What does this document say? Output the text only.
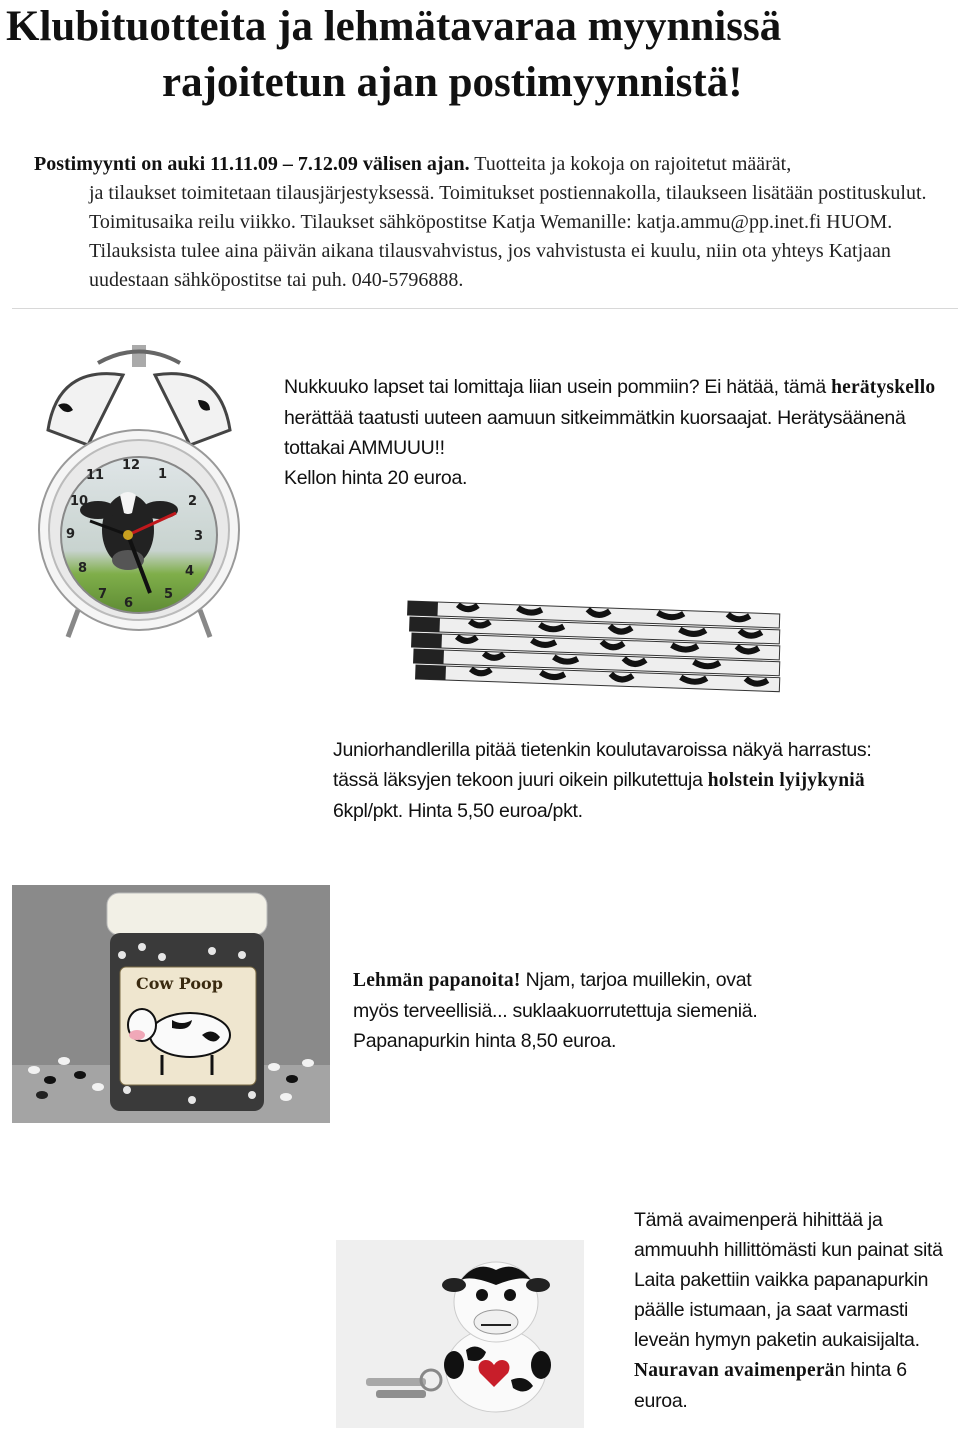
Klubituotteita ja lehmätavaraa myynnissä
rajoitetun ajan postimyynnistä!
Postimyynti on auki 11.11.09 – 7.12.09 välisen ajan. Tuotteita ja kokoja on rajoitetut määrät,
ja tilaukset toimitetaan tilausjärjestyksessä. Toimitukset postiennakolla, tilaukseen lisätään postituskulut. Toimitusaika reilu viikko. Tilaukset sähköpostitse Katja Wemanille: katja.ammu@pp.inet.fi HUOM. Tilauksista tulee aina päivän aikana tilausvahvistus, jos vahvistusta ei kuulu, niin ota yhteys Katjaan uudestaan sähköpostitse tai puh. 040-5796888.
12
1
2
3
4
5
6
7
8
9
10
11
Nukkuuko lapset tai lomittaja liian usein pommiin? Ei hätää, tämä herätyskello herättää taatusti uuteen aamuun sitkeimmätkin kuorsaajat. Herätysäänenä tottakai AMMUUU!!
Kellon hinta 20 euroa.
Juniorhandlerilla pitää tietenkin koulutavaroissa näkyä harrastus: tässä läksyjen tekoon juuri oikein pilkutettuja holstein lyijykyniä 6kpl/pkt. Hinta 5,50 euroa/pkt.
Cow Poop	Lehmän papanoita! Njam, tarjoa muillekin, ovat myös terveellisiä... suklaakuorrutettuja siemeniä. Papanapurkin hinta 8,50 euroa.
Tämä avaimenperä hihittää ja ammuuhh hillittömästi kun painat sitä Laita pakettiin vaikka papanapurkin päälle istumaan, ja saat varmasti leveän hymyn paketin aukaisijalta. Nauravan avaimenperän hinta 6 euroa.
